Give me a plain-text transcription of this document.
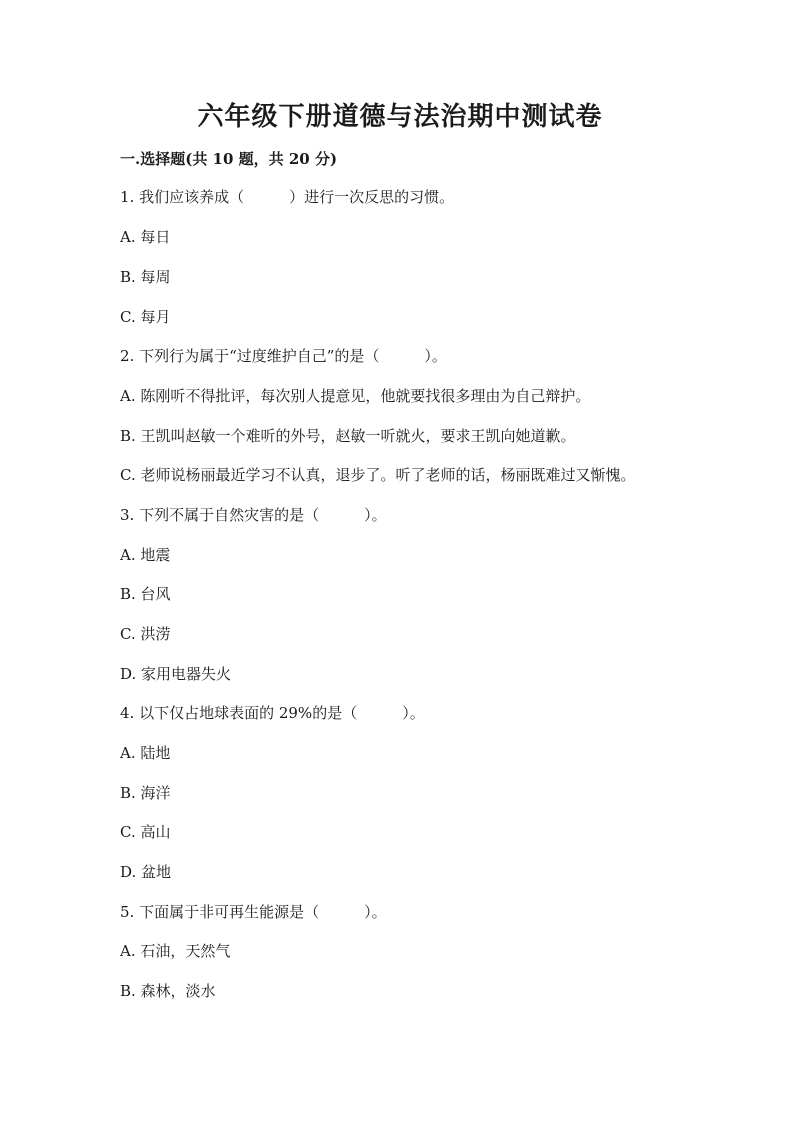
六年级下册道德与法治期中测试卷

一.选择题(共 10 题，共 20 分)

1. 我们应该养成（　　　）进行一次反思的习惯。

A. 每日

B. 每周

C. 每月

2. 下列行为属于“过度维护自己”的是（　　　）。

A. 陈刚听不得批评，每次别人提意见，他就要找很多理由为自己辩护。

B. 王凯叫赵敏一个难听的外号，赵敏一听就火，要求王凯向她道歉。

C. 老师说杨丽最近学习不认真，退步了。听了老师的话，杨丽既难过又惭愧。

3. 下列不属于自然灾害的是（　　　）。

A. 地震

B. 台风

C. 洪涝

D. 家用电器失火

4. 以下仅占地球表面的 29%的是（　　　）。

A. 陆地

B. 海洋

C. 高山

D. 盆地

5. 下面属于非可再生能源是（　　　）。

A. 石油，天然气

B. 森林，淡水
